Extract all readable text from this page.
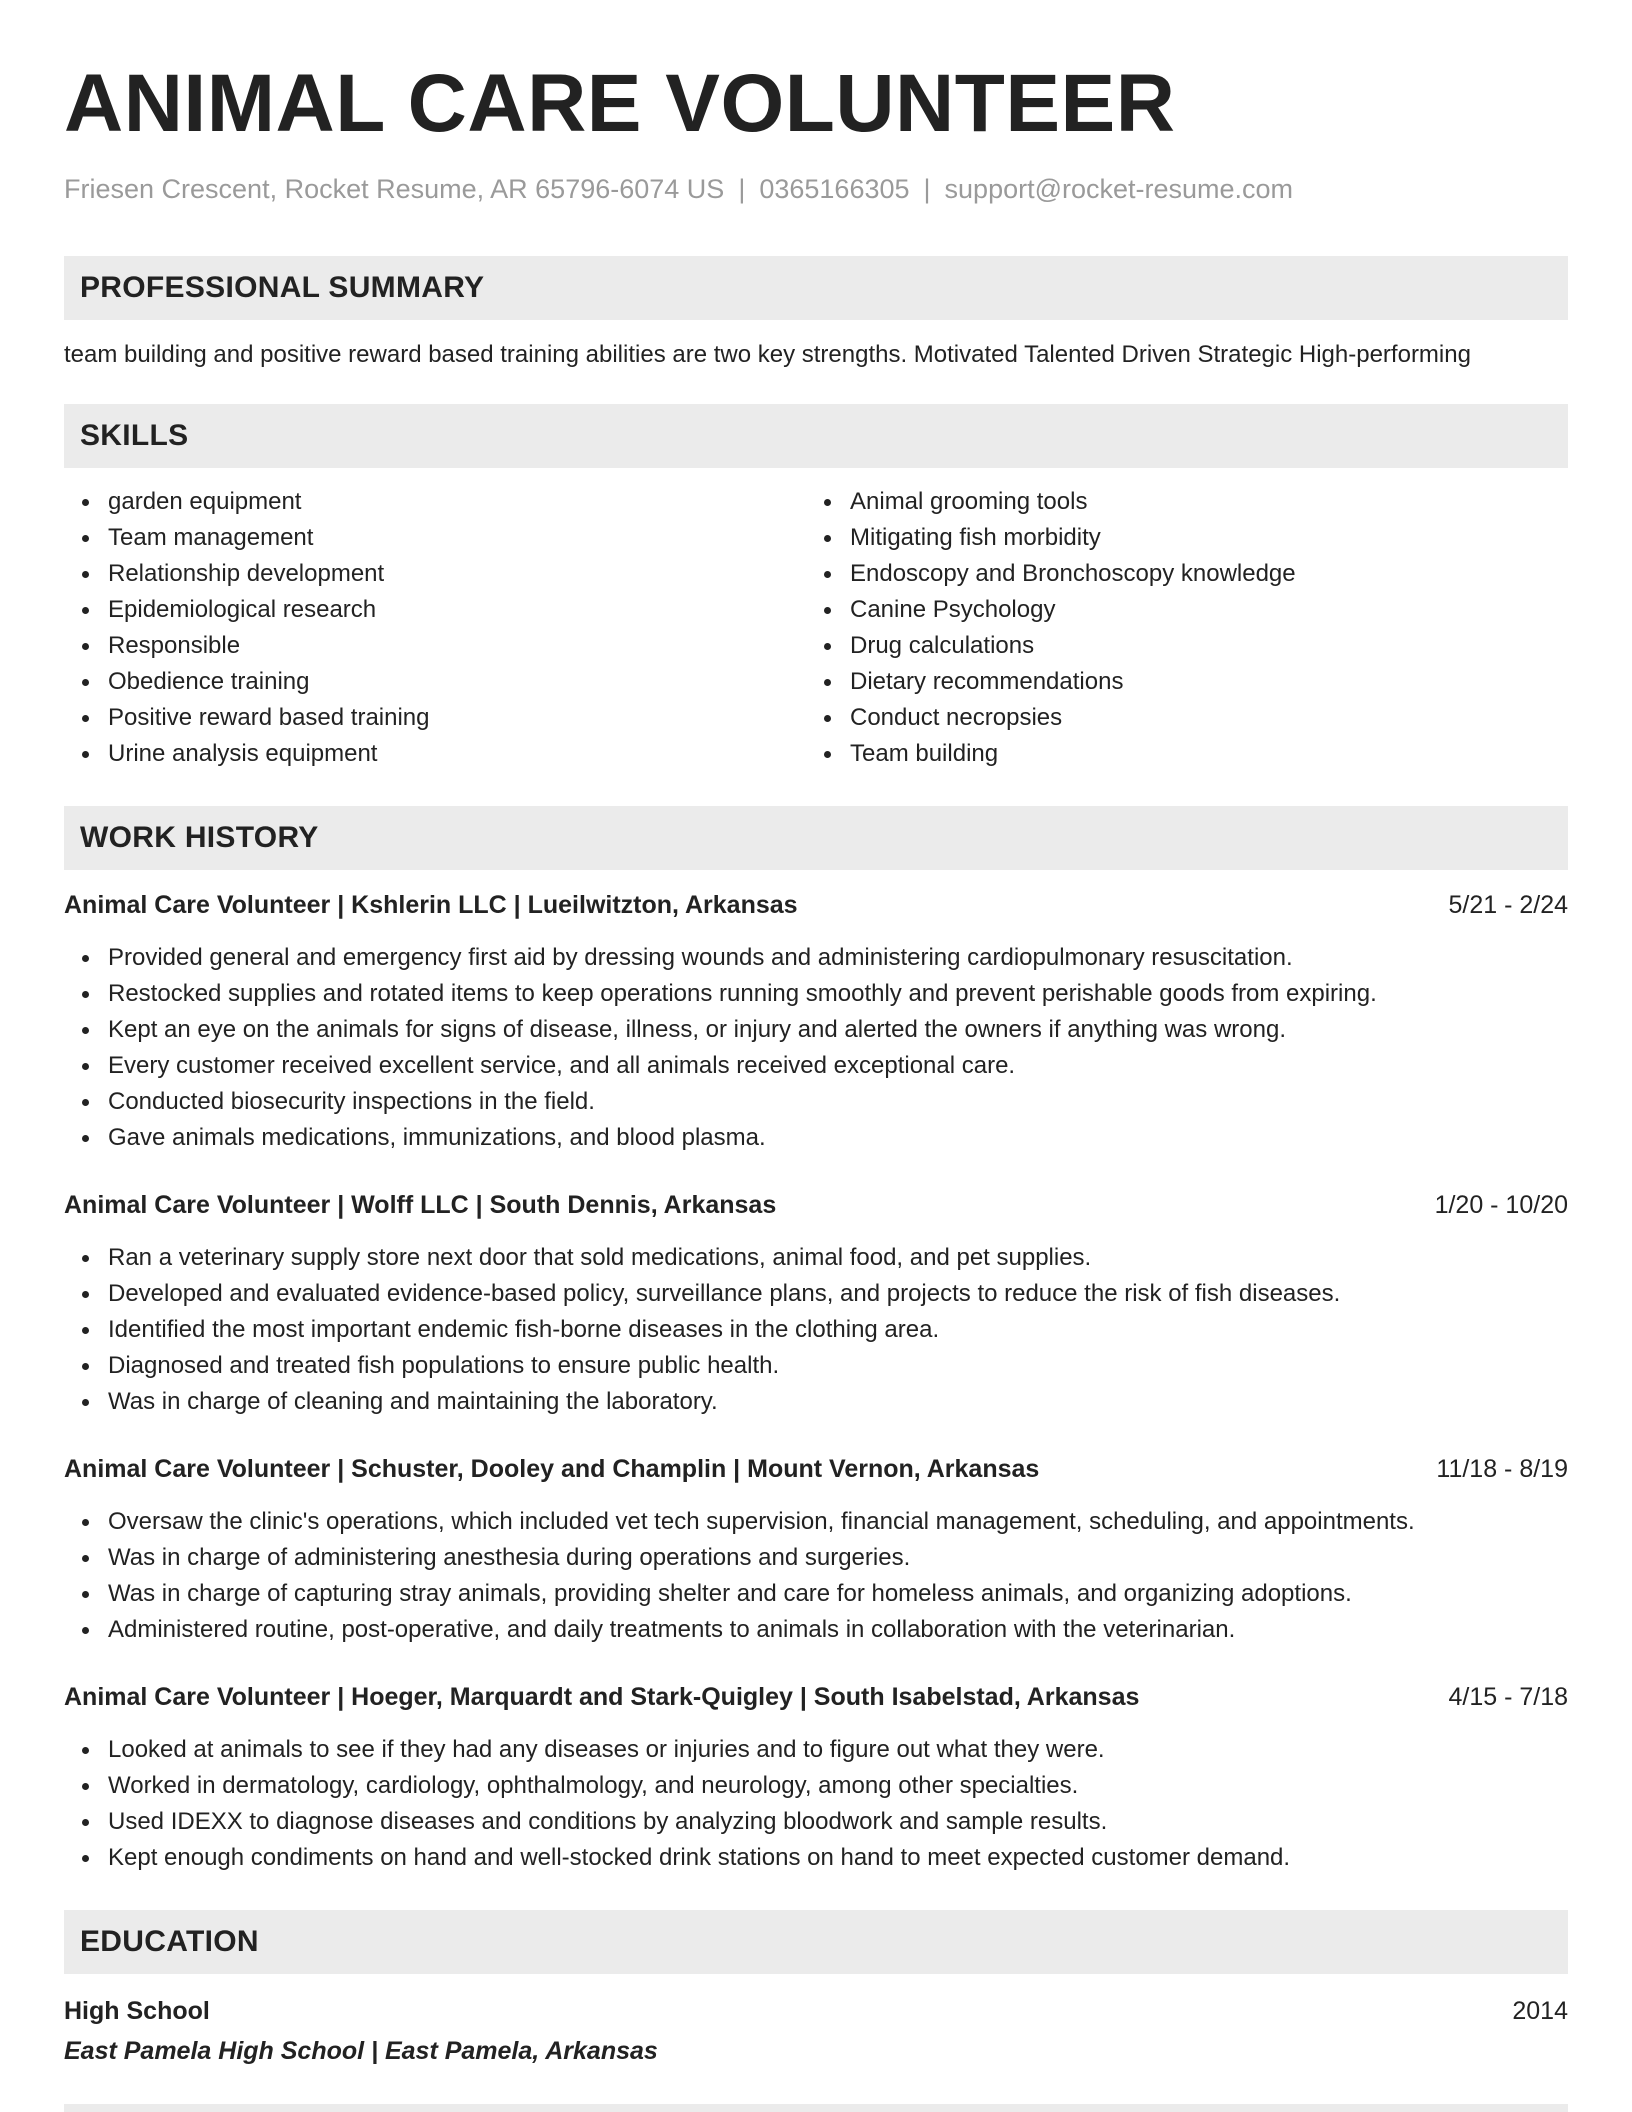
ANIMAL CARE VOLUNTEER
Friesen Crescent, Rocket Resume, AR 65796-6074 US | 0365166305 | support@rocket-resume.com
PROFESSIONAL SUMMARY
team building and positive reward based training abilities are two key strengths. Motivated Talented Driven Strategic High-performing
SKILLS
garden equipment
Team management
Relationship development
Epidemiological research
Responsible
Obedience training
Positive reward based training
Urine analysis equipment
Animal grooming tools
Mitigating fish morbidity
Endoscopy and Bronchoscopy knowledge
Canine Psychology
Drug calculations
Dietary recommendations
Conduct necropsies
Team building
WORK HISTORY
Animal Care Volunteer | Kshlerin LLC | Lueilwitzton, Arkansas	5/21 - 2/24
Provided general and emergency first aid by dressing wounds and administering cardiopulmonary resuscitation.
Restocked supplies and rotated items to keep operations running smoothly and prevent perishable goods from expiring.
Kept an eye on the animals for signs of disease, illness, or injury and alerted the owners if anything was wrong.
Every customer received excellent service, and all animals received exceptional care.
Conducted biosecurity inspections in the field.
Gave animals medications, immunizations, and blood plasma.
Animal Care Volunteer | Wolff LLC | South Dennis, Arkansas	1/20 - 10/20
Ran a veterinary supply store next door that sold medications, animal food, and pet supplies.
Developed and evaluated evidence-based policy, surveillance plans, and projects to reduce the risk of fish diseases.
Identified the most important endemic fish-borne diseases in the clothing area.
Diagnosed and treated fish populations to ensure public health.
Was in charge of cleaning and maintaining the laboratory.
Animal Care Volunteer | Schuster, Dooley and Champlin | Mount Vernon, Arkansas	11/18 - 8/19
Oversaw the clinic's operations, which included vet tech supervision, financial management, scheduling, and appointments.
Was in charge of administering anesthesia during operations and surgeries.
Was in charge of capturing stray animals, providing shelter and care for homeless animals, and organizing adoptions.
Administered routine, post-operative, and daily treatments to animals in collaboration with the veterinarian.
Animal Care Volunteer | Hoeger, Marquardt and Stark-Quigley | South Isabelstad, Arkansas	4/15 - 7/18
Looked at animals to see if they had any diseases or injuries and to figure out what they were.
Worked in dermatology, cardiology, ophthalmology, and neurology, among other specialties.
Used IDEXX to diagnose diseases and conditions by analyzing bloodwork and sample results.
Kept enough condiments on hand and well-stocked drink stations on hand to meet expected customer demand.
EDUCATION
High School	2014
East Pamela High School | East Pamela, Arkansas
